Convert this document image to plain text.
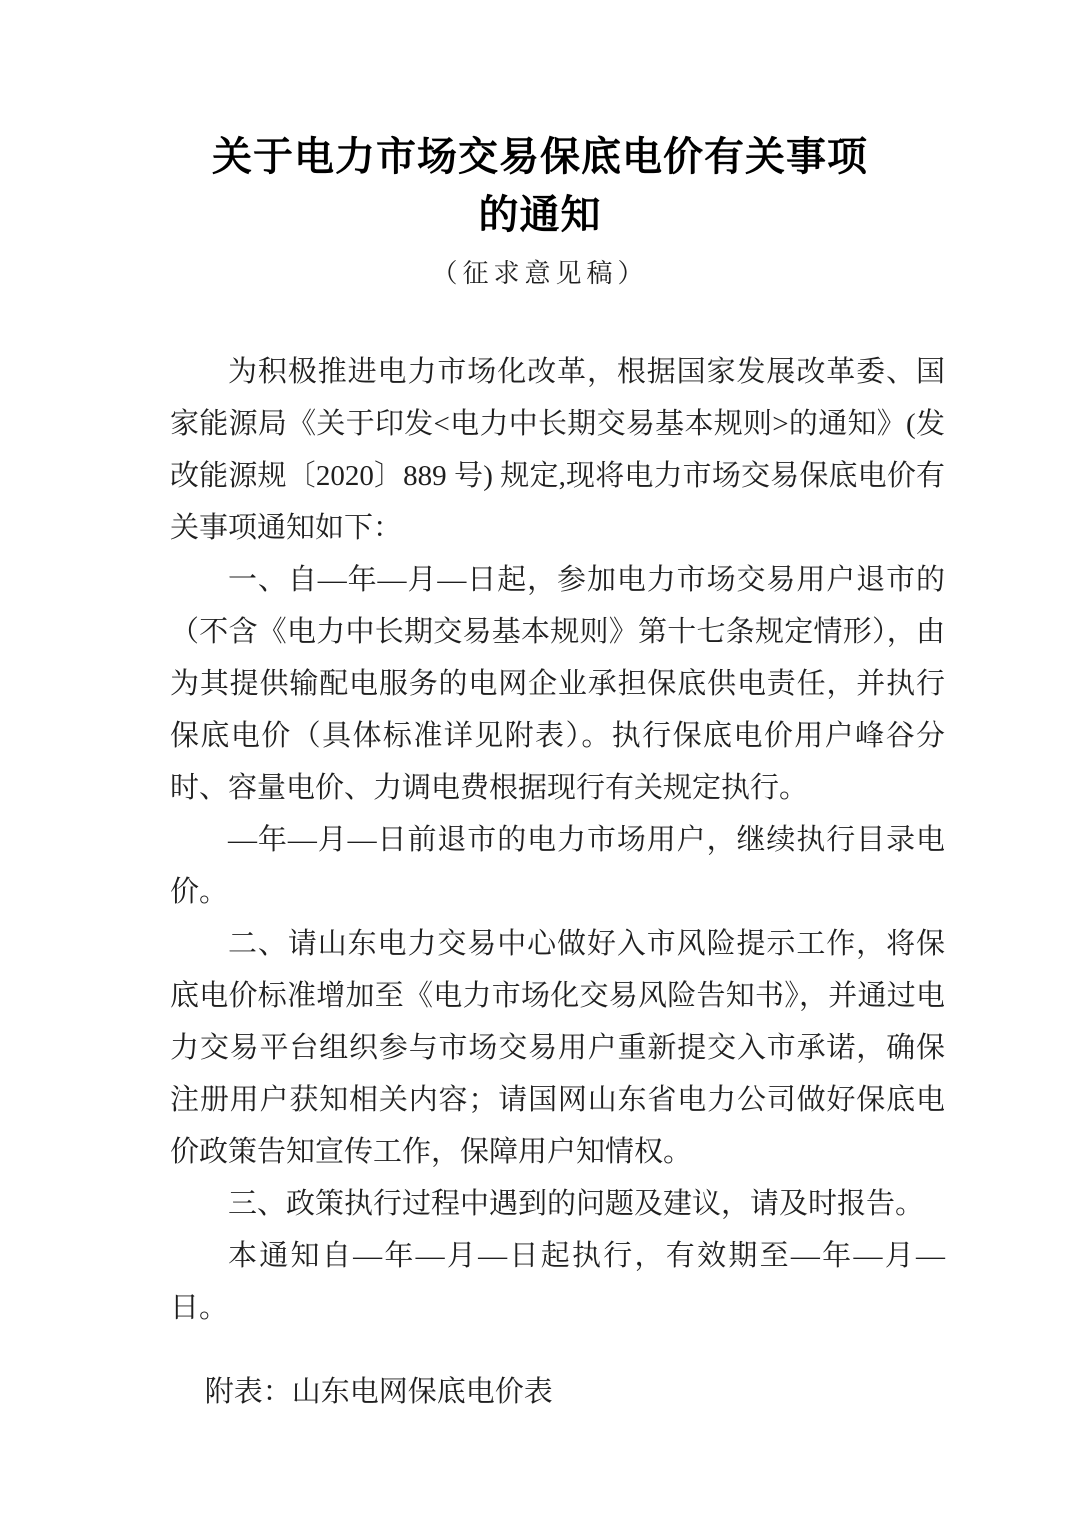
关于电力市场交易保底电价有关事项
的通知
（征求意见稿）

为积极推进电力市场化改革，根据国家发展改革委、国家能源局《关于印发<电力中长期交易基本规则>的通知》(发改能源规〔2020〕889 号) 规定,现将电力市场交易保底电价有关事项通知如下：

一、自—年—月—日起，参加电力市场交易用户退市的（不含《电力中长期交易基本规则》第十七条规定情形），由为其提供输配电服务的电网企业承担保底供电责任，并执行保底电价（具体标准详见附表）。执行保底电价用户峰谷分时、容量电价、力调电费根据现行有关规定执行。

—年—月—日前退市的电力市场用户，继续执行目录电价。

二、请山东电力交易中心做好入市风险提示工作，将保底电价标准增加至《电力市场化交易风险告知书》，并通过电力交易平台组织参与市场交易用户重新提交入市承诺，确保注册用户获知相关内容；请国网山东省电力公司做好保底电价政策告知宣传工作，保障用户知情权。

三、政策执行过程中遇到的问题及建议，请及时报告。

本通知自—年—月—日起执行，有效期至—年—月—日。

附表：山东电网保底电价表
